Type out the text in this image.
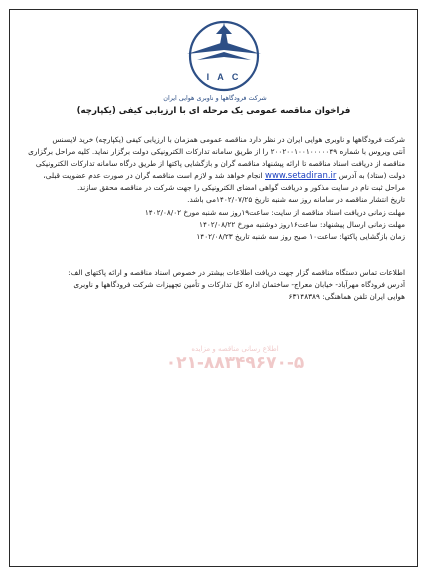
I A C
شرکت فرودگاهها و ناوبری هوایی ایران
فراخوان مناقصه عمومی یک مرحله ای با ارزیابی کیفی (یکپارچه)
شرکت فرودگاهها و ناوبری هوایی ایران در نظر دارد مناقصه عمومی همزمان با ارزیابی کیفی (یکپارچه) خرید لایسنس
آنتی ویروس با شماره ۲۰۰۲۰۰۱۰۰۱۰۰۰۰۰۴۹ را از طریق سامانه تدارکات الکترونیکی دولت برگزار نماید. کلیه مراحل برگزاری
مناقصه از دریافت اسناد مناقصه تا ارائه پیشنهاد مناقصه گران و بازگشایی پاکتها از طریق درگاه سامانه تدارکات الکترونیکی
دولت (ستاد) به آدرس www.setadiran.ir انجام خواهد شد و لازم است مناقصه گران در صورت عدم عضویت قبلی،
مراحل ثبت نام در سایت مذکور و دریافت گواهی امضای الکترونیکی را جهت شرکت در مناقصه محقق سازند.
تاریخ انتشار مناقصه در سامانه روز سه شنبه تاریخ ۱۴۰۲/۰۷/۲۵می باشد.
مهلت زمانی دریافت اسناد مناقصه از سایت: ساعت۱۹روز سه شنبه مورخ ۱۴۰۲/۰۸/۰۲
مهلت زمانی ارسال پیشنهاد: ساعت۱۶روز دوشنبه مورخ ۱۴۰۲/۰۸/۲۲
زمان بازگشایی پاکتها: ساعت۱۰ صبح روز سه شنبه تاریخ ۱۴۰۲/۰۸/۲۳
اطلاعات تماس دستگاه مناقصه گزار جهت دریافت اطلاعات بیشتر در خصوص اسناد مناقصه و ارائه پاکتهای الف:
آدرس فرودگاه مهرآباد- خیابان معراج- ساختمان اداره کل تدارکات و تأمین تجهیزات شرکت فرودگاهها و ناوبری
هوایی ایران تلفن هماهنگی: ۶۳۱۴۸۳۸۹
اطلاع رسانی مناقصه و مزایده
۰۲۱-۸۸۳۴۹۶۷۰-۵
